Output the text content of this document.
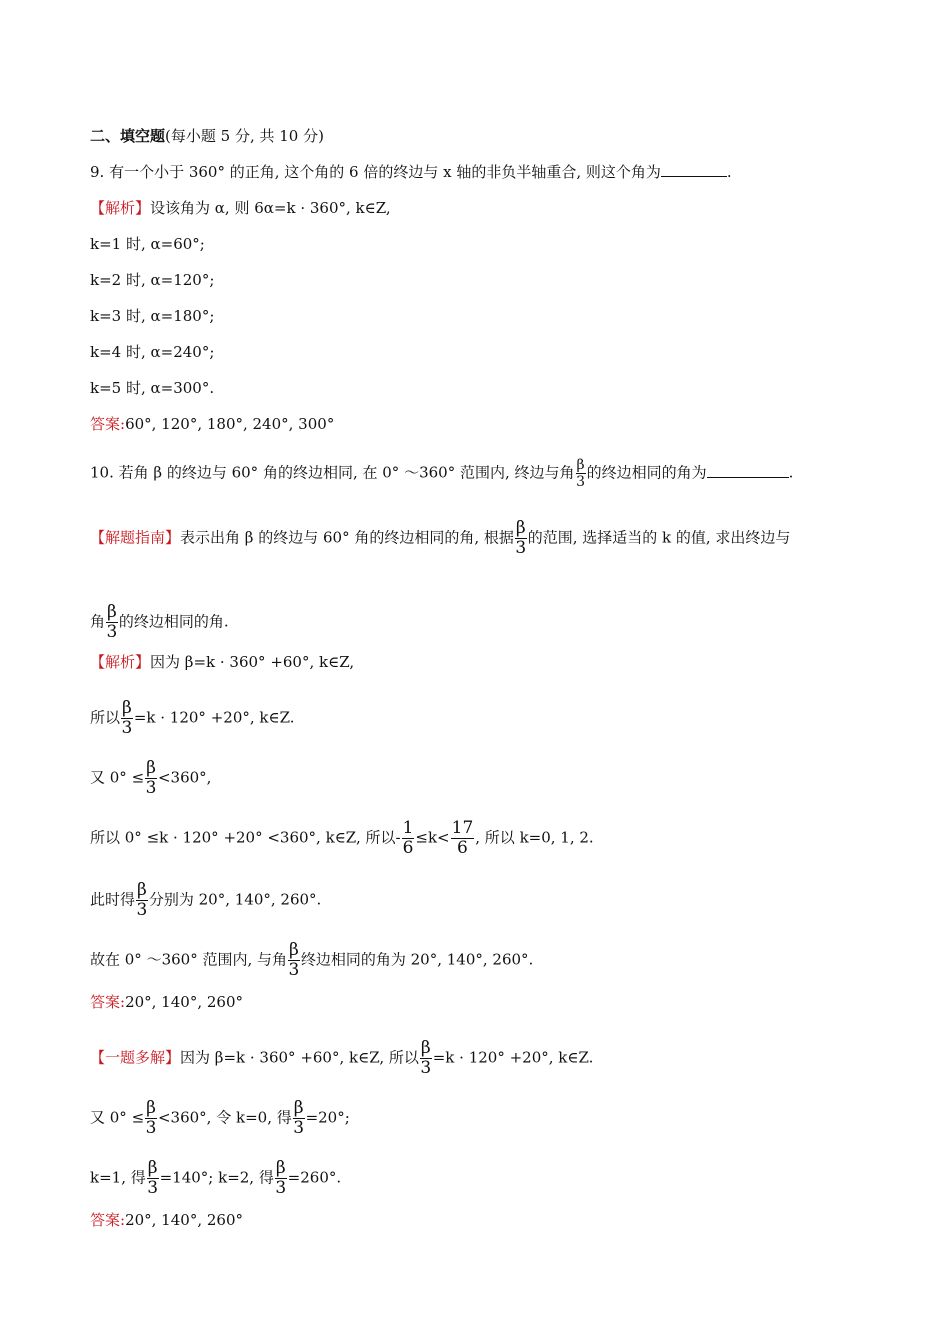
二、填空题(每小题 5 分, 共 10 分)
9. 有一个小于 360° 的正角, 这个角的 6 倍的终边与 x 轴的非负半轴重合, 则这个角为	.
【解析】设该角为 α, 则 6α=k · 360°, k∈Z,
k=1 时, α=60°;
k=2 时, α=120°;
k=3 时, α=180°;
k=4 时, α=240°;
k=5 时, α=300°.
答案:60°, 120°, 180°, 240°, 300°
10. 若角 β 的终边与 60° 角的终边相同, 在 0° ～360° 范围内, 终边与角 $\frac{\beta}{3}$ 的终边相同的角为	.
【解题指南】表示出角 β 的终边与 60° 角的终边相同的角, 根据 $\frac{\beta}{3}$ 的范围, 选择适当的 k 的值, 求出终边与
角 $\frac{\beta}{3}$ 的终边相同的角.
【解析】因为 β=k · 360° +60°, k∈Z,
所以 $\frac{\beta}{3} =k \cdot 120^\circ +20^\circ$, k∈Z.
又 $0^\circ \le \frac{\beta}{3} <360^\circ$,
所以 0° ≤k · 120° +20° <360°, k∈Z, 所以- $\frac{1}{6} \le k< \frac{17}{6}$ , 所以 k=0, 1, 2.
此时得 $\frac{\beta}{3}$ 分别为 20°, 140°, 260°.
故在 0° ～360° 范围内, 与角 $\frac{\beta}{3}$ 终边相同的角为 20°, 140°, 260°.
答案:20°, 140°, 260°
【一题多解】因为 β=k · 360° +60°, k∈Z, 所以 $\frac{\beta}{3} =k \cdot 120^\circ +20^\circ$, k∈Z.
又 $0^\circ \le \frac{\beta}{3} <360^\circ$, 令 k=0, 得 $\frac{\beta}{3} =20^\circ$;
k=1, 得 $\frac{\beta}{3} =140^\circ$; k=2, 得 $\frac{\beta}{3} =260^\circ$.
答案:20°, 140°, 260°
